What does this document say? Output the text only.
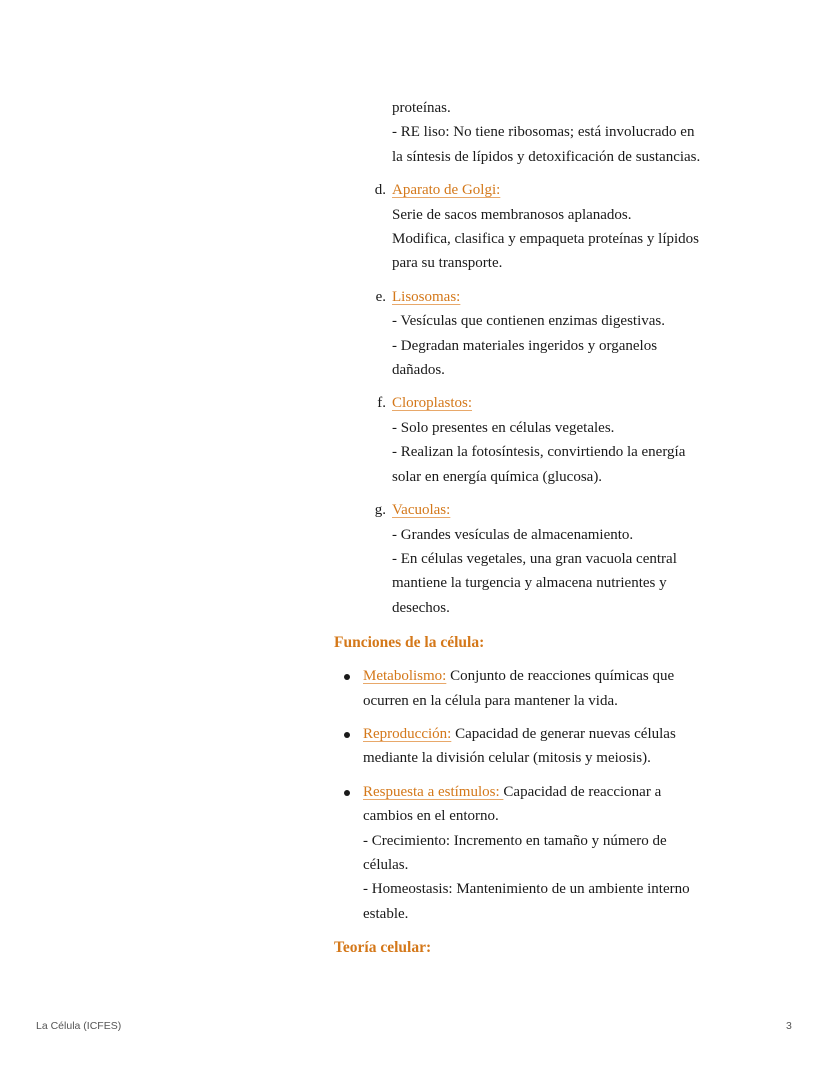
proteínas.
- RE liso: No tiene ribosomas; está involucrado en
la síntesis de lípidos y detoxificación de sustancias.
d. Aparato de Golgi:
Serie de sacos membranosos aplanados.
Modifica, clasifica y empaqueta proteínas y lípidos
para su transporte.
e. Lisosomas:
- Vesículas que contienen enzimas digestivas.
- Degradan materiales ingeridos y organelos
dañados.
f. Cloroplastos:
- Solo presentes en células vegetales.
- Realizan la fotosíntesis, convirtiendo la energía
solar en energía química (glucosa).
g. Vacuolas:
- Grandes vesículas de almacenamiento.
- En células vegetales, una gran vacuola central
mantiene la turgencia y almacena nutrientes y
desechos.
Funciones de la célula:
Metabolismo: Conjunto de reacciones químicas que
ocurren en la célula para mantener la vida.
Reproducción: Capacidad de generar nuevas células
mediante la división celular (mitosis y meiosis).
Respuesta a estímulos: Capacidad de reaccionar a
cambios en el entorno.
- Crecimiento: Incremento en tamaño y número de
células.
- Homeostasis: Mantenimiento de un ambiente interno
estable.
Teoría celular:
La Célula (ICFES)	3
